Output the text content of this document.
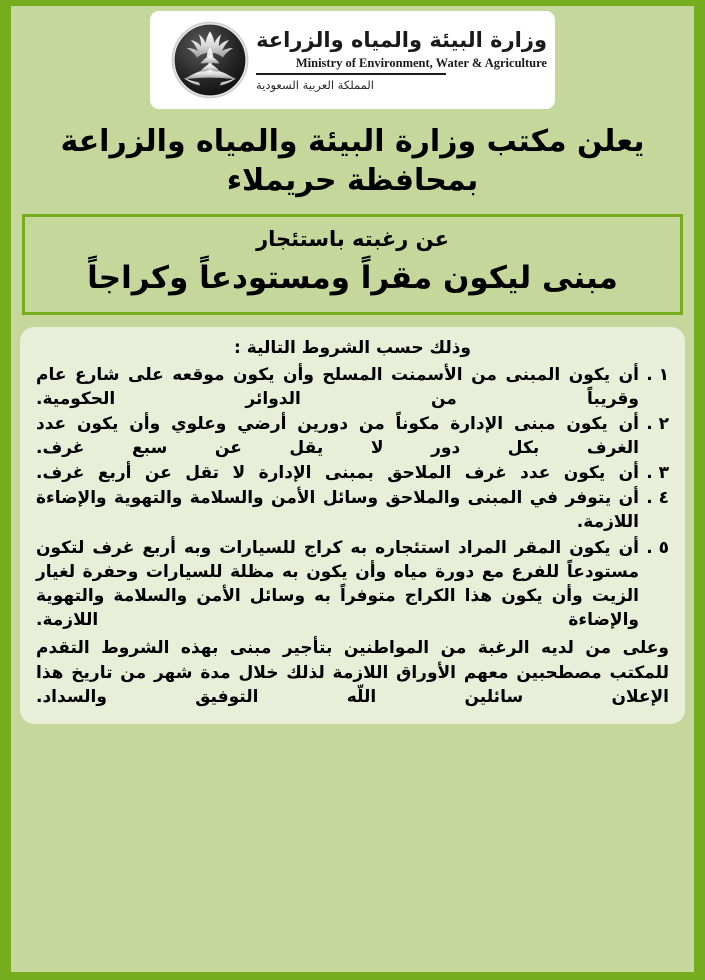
وزارة البيئة والمياه والزراعة
Ministry of Environment, Water & Agriculture
المملكة العربية السعودية
يعلن مكتب وزارة البيئة والمياه والزراعة
بمحافظة حريملاء
عن رغبته باستئجار
مبنى ليكون مقراً ومستودعاً وكراجاً
وذلك حسب الشروط التالية :
١ .
أن يكون المبنى من الأسمنت المسلح وأن يكون موقعه على شارع عام وقريباً من الدوائر الحكومية.
٢ .
أن يكون مبنى الإدارة مكوناً من دورين أرضي وعلوي وأن يكون عدد الغرف بكل دور لا يقل عن سبع غرف.
٣ .
أن يكون عدد غرف الملاحق بمبنى الإدارة لا تقل عن أربع غرف.
٤ .
أن يتوفر في المبنى والملاحق وسائل الأمن والسلامة والتهوية والإضاءة اللازمة.
٥ .
أن يكون المقر المراد استئجاره به كراج للسيارات وبه أربع غرف لتكون مستودعاً للفرع مع دورة مياه وأن يكون به مظلة للسيارات وحفرة لغيار الزيت وأن يكون هذا الكراج متوفراً به وسائل الأمن والسلامة والتهوية والإضاءة اللازمة.
وعلى من لديه الرغبة من المواطنين بتأجير مبنى بهذه الشروط التقدم للمكتب مصطحبين معهم الأوراق اللازمة لذلك خلال مدة شهر من تاريخ هذا الإعلان سائلين اللّه التوفيق والسداد.
